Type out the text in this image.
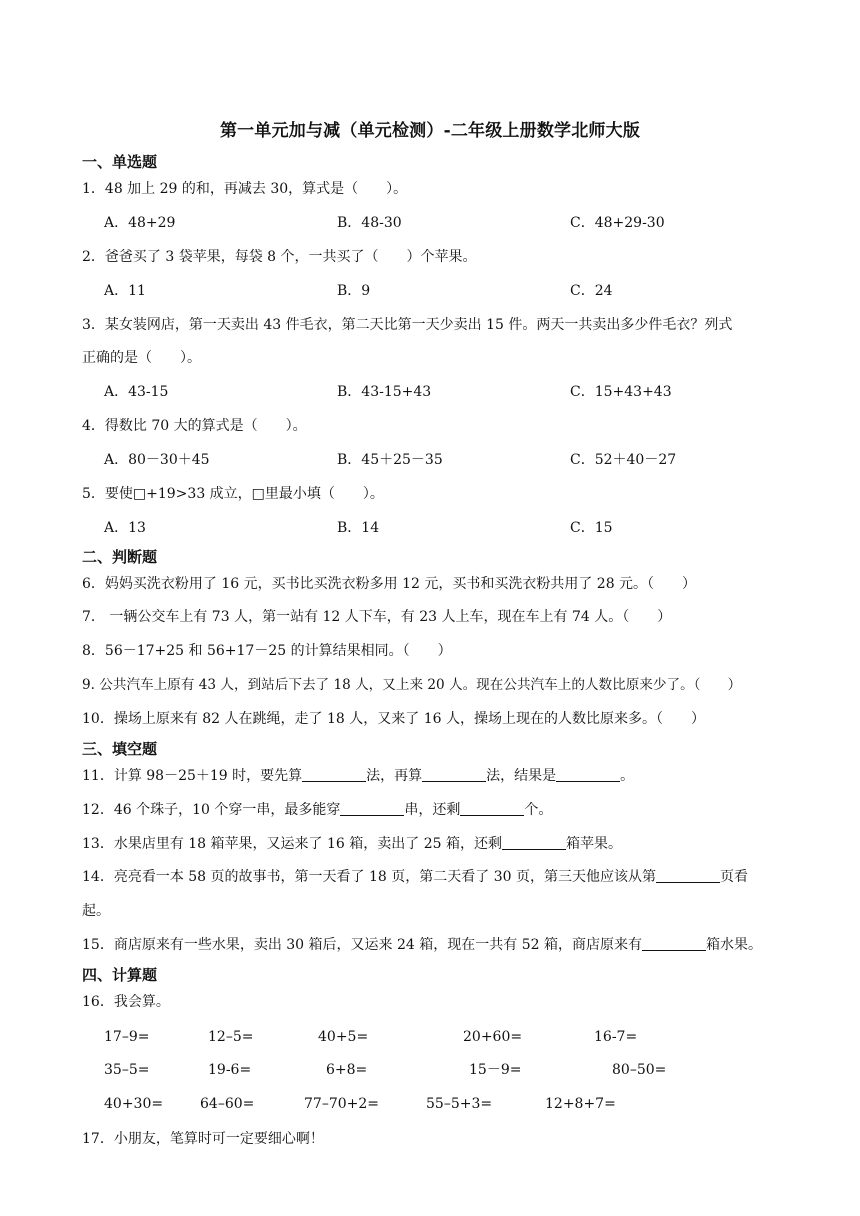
第一单元加与减（单元检测）-二年级上册数学北师大版
一、单选题
1．48 加上 29 的和，再减去 30，算式是（　　）。
A．48+29	B．48-30	C．48+29-30
2．爸爸买了 3 袋苹果，每袋 8 个，一共买了（　　）个苹果。
A．11	B．9	C．24
3．某女装网店，第一天卖出 43 件毛衣，第二天比第一天少卖出 15 件。两天一共卖出多少件毛衣？列式
正确的是（　　）。
A．43-15	B．43-15+43	C．15+43+43
4．得数比 70 大的算式是（　　）。
A．80－30＋45	B．45＋25－35	C．52＋40－27
5．要使□+19>33 成立，□里最小填（　　）。
A．13	B．14	C．15
二、判断题
6．妈妈买洗衣粉用了 16 元，买书比买洗衣粉多用 12 元，买书和买洗衣粉共用了 28 元。（　　）
7． 一辆公交车上有 73 人，第一站有 12 人下车，有 23 人上车，现在车上有 74 人。（　　）
8．56－17+25 和 56+17－25 的计算结果相同。（　　）
9. 公共汽车上原有 43 人，到站后下去了 18 人，又上来 20 人。现在公共汽车上的人数比原来少了。（　　）
10．操场上原来有 82 人在跳绳，走了 18 人，又来了 16 人，操场上现在的人数比原来多。（　　）
三、填空题
11．计算 98－25＋19 时，要先算	法，再算	法，结果是	。
12．46 个珠子，10 个穿一串，最多能穿	串，还剩	个。
13．水果店里有 18 箱苹果，又运来了 16 箱，卖出了 25 箱，还剩	箱苹果。
14．亮亮看一本 58 页的故事书，第一天看了 18 页，第二天看了 30 页，第三天他应该从第	页看
起。
15．商店原来有一些水果，卖出 30 箱后，又运来 24 箱，现在一共有 52 箱，商店原来有	箱水果。
四、计算题
16．我会算。
17–9=	12–5=	40+5=	20+60=	16-7=
35–5=	19-6=	6+8=	15－9=	80–50=
40+30=	64–60=	77–70+2=	55–5+3=	12+8+7=
17．小朋友，笔算时可一定要细心啊！
